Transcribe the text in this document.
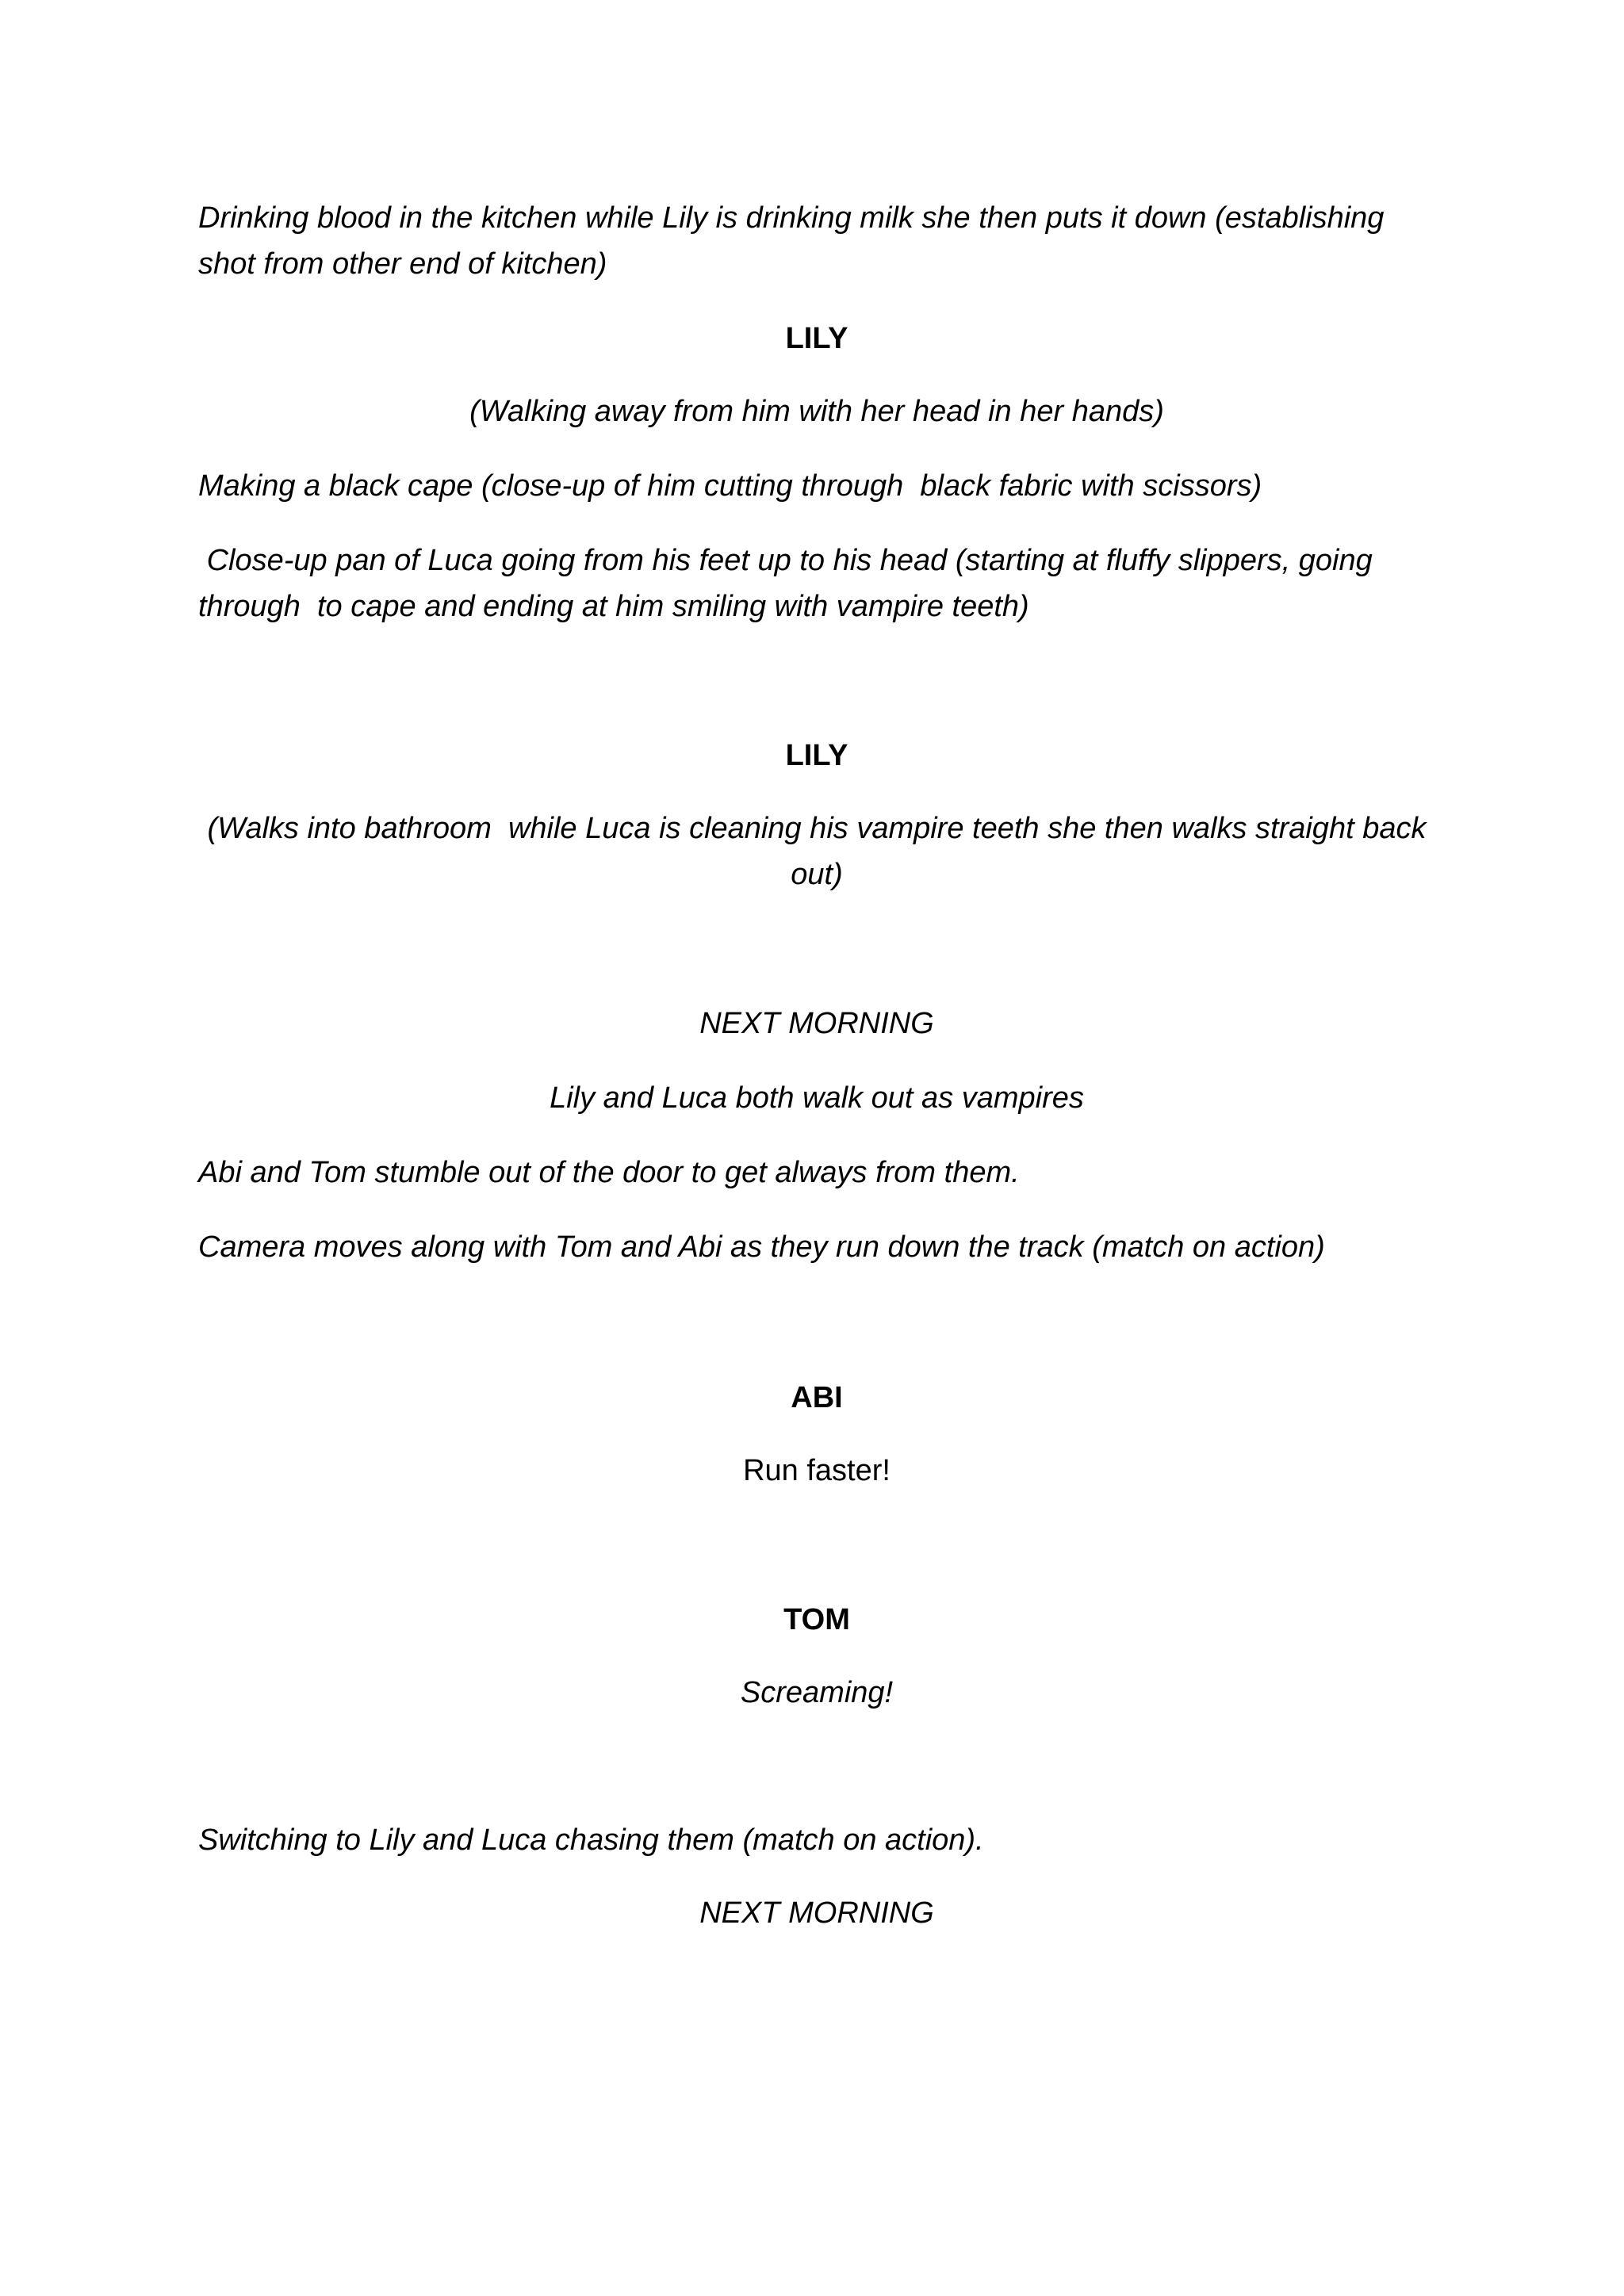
Drinking blood in the kitchen while Lily is drinking milk she then puts it down (establishing shot from other end of kitchen)

LILY

(Walking away from him with her head in her hands)

Making a black cape (close-up of him cutting through  black fabric with scissors)

Close-up pan of Luca going from his feet up to his head (starting at fluffy slippers, going through  to cape and ending at him smiling with vampire teeth)

LILY

(Walks into bathroom  while Luca is cleaning his vampire teeth she then walks straight back out)

NEXT MORNING

Lily and Luca both walk out as vampires

Abi and Tom stumble out of the door to get always from them.

Camera moves along with Tom and Abi as they run down the track (match on action)

ABI

Run faster!

TOM

Screaming!

Switching to Lily and Luca chasing them (match on action).

NEXT MORNING
